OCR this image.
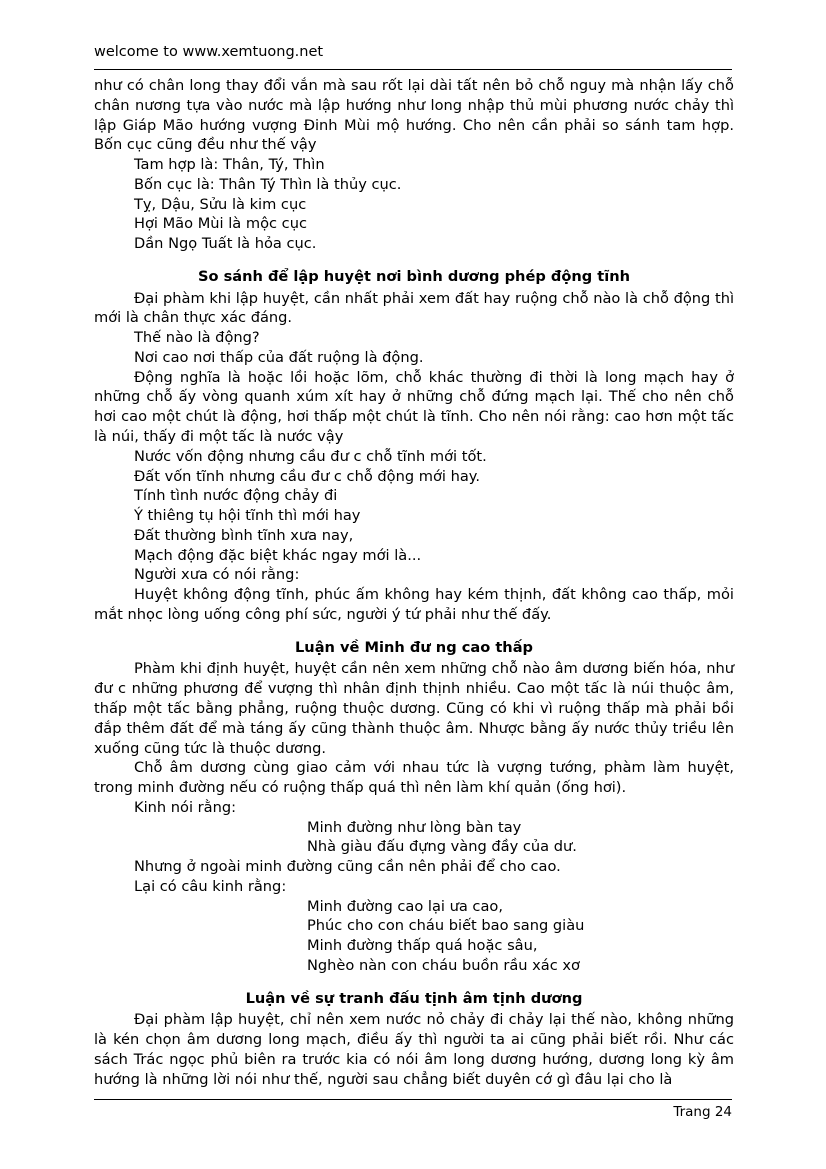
welcome to www.xemtuong.net

như có chân long thay đổi vắn mà sau rốt lại dài tất nên bỏ chỗ nguy mà nhận lấy chỗ chân nương tựa vào nước mà lập hướng như long nhập thủ mùi phương nước chảy thì lập Giáp Mão hướng vượng Đinh Mùi mộ hướng. Cho nên cần phải so sánh tam hợp. Bốn cục cũng đều như thế vậy

Tam hợp là: Thân, Tý, Thìn

Bốn cục là: Thân Tý Thìn là thủy cục.

Tỵ, Dậu, Sửu là kim cục

Hợi Mão Mùi là mộc cục

Dần Ngọ Tuất là hỏa cục.

So sánh để lập huyệt nơi bình dương phép động tĩnh

Đại phàm khi lập huyệt, cần nhất phải xem đất hay ruộng chỗ nào là chỗ động thì mới là chân thực xác đáng.

Thế nào là động?

Nơi cao nơi thấp của đất ruộng là động.

Động nghĩa là hoặc lồi hoặc lõm, chỗ khác thường đi thời là long mạch hay ở những chỗ ấy vòng quanh xúm xít hay ở những chỗ đứng mạch lại. Thế cho nên chỗ hơi cao một chút là động, hơi thấp một chút là tĩnh. Cho nên nói rằng: cao hơn một tấc là núi, thấy đi một tấc là nước vậy

Nước vốn động nhưng cầu đư c chỗ tĩnh mới tốt.

Đất vốn tĩnh nhưng cầu đư c chỗ động mới hay.

Tính tình nước động chảy đi

Ý thiêng tụ hội tĩnh thì mới hay

Đất thường bình tĩnh xưa nay,

Mạch động đặc biệt khác ngay mới là...

Người xưa có nói rằng:

Huyệt không động tĩnh, phúc ấm không hay kém thịnh, đất không cao thấp, mỏi mắt nhọc lòng uống công phí sức, người ý tứ phải như thế đấy.

Luận về Minh đư ng cao thấp

Phàm khi định huyệt, huyệt cần nên xem những chỗ nào âm dương biến hóa, như đư c những phương để vượng thì nhân định thịnh nhiều. Cao một tấc là núi thuộc âm, thấp một tấc bằng phẳng, ruộng thuộc dương. Cũng có khi vì ruộng thấp mà phải bồi đắp thêm đất để mà táng ấy cũng thành thuộc âm. Nhược bằng ấy nước thủy triều lên xuống cũng tức là thuộc dương.

Chỗ âm dương cùng giao cảm với nhau tức là vượng tướng, phàm làm huyệt, trong minh đường nếu có ruộng thấp quá thì nên làm khí quản (ống hơi).

Kinh nói rằng:

Minh đường như lòng bàn tay

Nhà giàu đấu đựng vàng đầy của dư.

Nhưng ở ngoài minh đường cũng cần nên phải để cho cao.

Lại có câu kinh rằng:

Minh đường cao lại ưa cao,

Phúc cho con cháu biết bao sang giàu

Minh đường thấp quá hoặc sâu,

Nghèo nàn con cháu buồn rầu xác xơ

Luận về sự tranh đấu tịnh âm tịnh dương

Đại phàm lập huyệt, chỉ nên xem nước nỏ chảy đi chảy lại thế nào, không những là kén chọn âm dương long mạch, điều ấy thì người ta ai cũng phải biết rồi. Như các sách Trác ngọc phủ biên ra trước kia có nói âm long dương hướng, dương long kỳ âm hướng là những lời nói như thế, người sau chẳng biết duyên cớ gì đâu lại cho là

Trang 24
